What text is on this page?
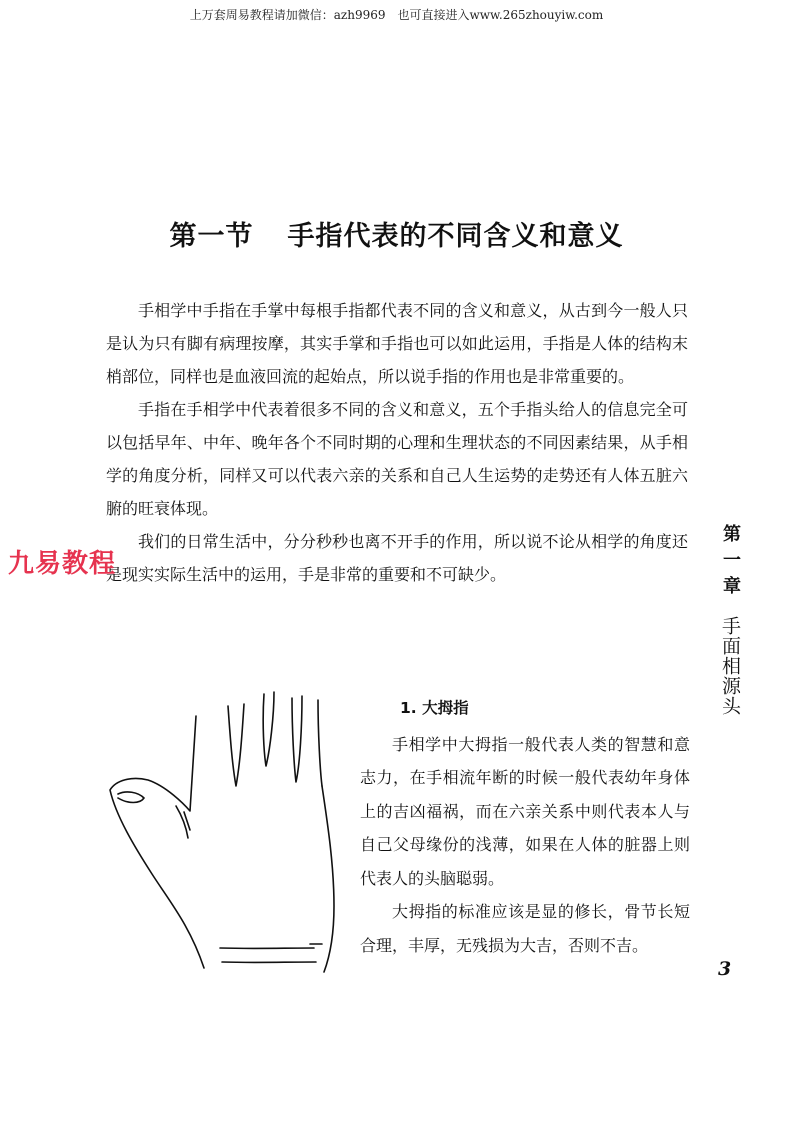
上万套周易教程请加微信：azh9969　也可直接进入www.265zhouyiw.com
第一节 手指代表的不同含义和意义

手相学中手指在手掌中每根手指都代表不同的含义和意义，从古到今一般人只是认为只有脚有病理按摩，其实手掌和手指也可以如此运用，手指是人体的结构末梢部位，同样也是血液回流的起始点，所以说手指的作用也是非常重要的。

手指在手相学中代表着很多不同的含义和意义，五个手指头给人的信息完全可以包括早年、中年、晚年各个不同时期的心理和生理状态的不同因素结果，从手相学的角度分析，同样又可以代表六亲的关系和自己人生运势的走势还有人体五脏六腑的旺衰体现。

我们的日常生活中，分分秒秒也离不开手的作用，所以说不论从相学的角度还是现实实际生活中的运用，手是非常的重要和不可缺少。

九易教程

1. 大拇指

手相学中大拇指一般代表人类的智慧和意志力，在手相流年断的时候一般代表幼年身体上的吉凶福祸，而在六亲关系中则代表本人与自己父母缘份的浅薄，如果在人体的脏器上则代表人的头脑聪弱。

大拇指的标准应该是显的修长，骨节长短合理，丰厚，无残损为大吉，否则不吉。

第一章
手面相源头
3
